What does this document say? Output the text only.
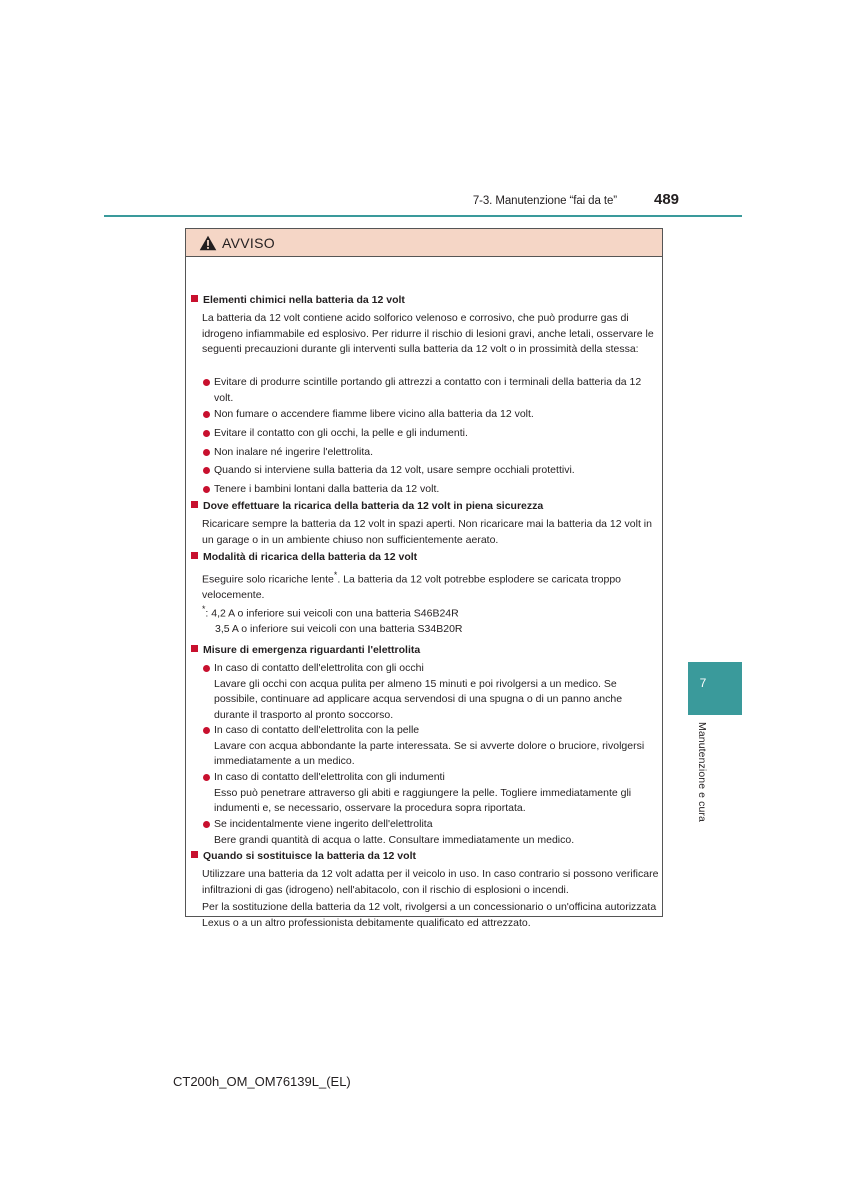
7-3. Manutenzione “fai da te” 489
7
Manutenzione e cura
AVVISO
Elementi chimici nella batteria da 12 volt

La batteria da 12 volt contiene acido solforico velenoso e corrosivo, che può produrre gas di idrogeno infiammabile ed esplosivo. Per ridurre il rischio di lesioni gravi, anche letali, osservare le seguenti precauzioni durante gli interventi sulla batteria da 12 volt o in prossimità della stessa:

Evitare di produrre scintille portando gli attrezzi a contatto con i terminali della batteria da 12 volt.
Non fumare o accendere fiamme libere vicino alla batteria da 12 volt.
Evitare il contatto con gli occhi, la pelle e gli indumenti.
Non inalare né ingerire l'elettrolita.
Quando si interviene sulla batteria da 12 volt, usare sempre occhiali protettivi.
Tenere i bambini lontani dalla batteria da 12 volt.
Dove effettuare la ricarica della batteria da 12 volt in piena sicurezza

Ricaricare sempre la batteria da 12 volt in spazi aperti. Non ricaricare mai la batteria da 12 volt in un garage o in un ambiente chiuso non sufficientemente aerato.

Modalità di ricarica della batteria da 12 volt

Eseguire solo ricariche lente*. La batteria da 12 volt potrebbe esplodere se caricata troppo velocemente.

*: 4,2 A o inferiore sui veicoli con una batteria S46B24R
3,5 A o inferiore sui veicoli con una batteria S34B20R
Misure di emergenza riguardanti l'elettrolita
In caso di contatto dell'elettrolita con gli occhi
Lavare gli occhi con acqua pulita per almeno 15 minuti e poi rivolgersi a un medico. Se possibile, continuare ad applicare acqua servendosi di una spugna o di un panno anche durante il trasporto al pronto soccorso.
In caso di contatto dell'elettrolita con la pelle
Lavare con acqua abbondante la parte interessata. Se si avverte dolore o bruciore, rivolgersi immediatamente a un medico.
In caso di contatto dell'elettrolita con gli indumenti
Esso può penetrare attraverso gli abiti e raggiungere la pelle. Togliere immediatamente gli indumenti e, se necessario, osservare la procedura sopra riportata.
Se incidentalmente viene ingerito dell'elettrolita
Bere grandi quantità di acqua o latte. Consultare immediatamente un medico.
Quando si sostituisce la batteria da 12 volt

Utilizzare una batteria da 12 volt adatta per il veicolo in uso. In caso contrario si possono verificare infiltrazioni di gas (idrogeno) nell'abitacolo, con il rischio di esplosioni o incendi.

Per la sostituzione della batteria da 12 volt, rivolgersi a un concessionario o un'officina autorizzata Lexus o a un altro professionista debitamente qualificato ed attrezzato.

CT200h_OM_OM76139L_(EL)
